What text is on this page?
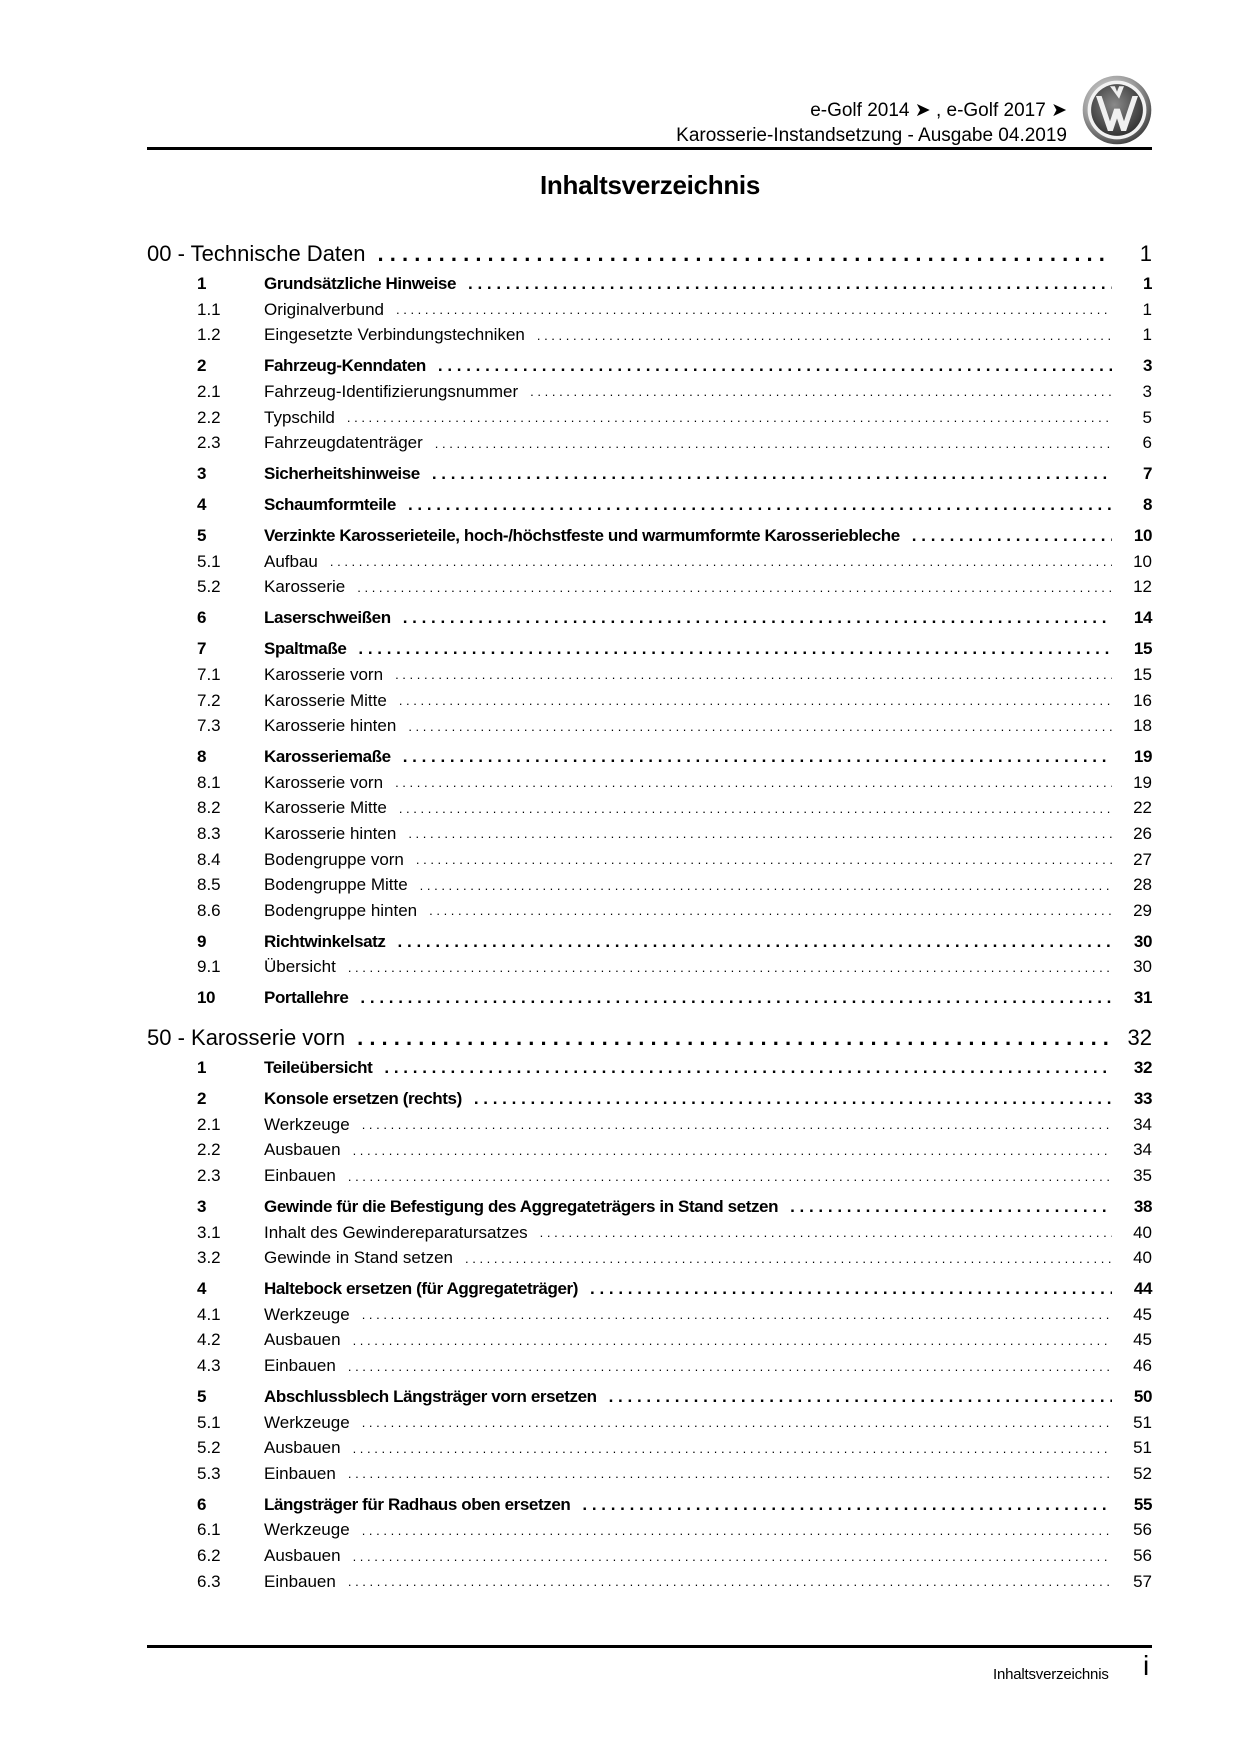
e-Golf 2014 ➤ , e-Golf 2017 ➤
Karosserie-Instandsetzung - Ausgabe 04.2019
Inhaltsverzeichnis
00 - Technische Daten . . .	1
1	Grundsätzliche Hinweise . . .	1
1.1	Originalverbund . . .	1
1.2	Eingesetzte Verbindungstechniken . . .	1
2	Fahrzeug-Kenndaten . . .	3
2.1	Fahrzeug-Identifizierungsnummer . . .	3
2.2	Typschild . . .	5
2.3	Fahrzeugdatenträger . . .	6
3	Sicherheitshinweise . . .	7
4	Schaumformteile . . .	8
5	Verzinkte Karosserieteile, hoch-/höchstfeste und warmumformte Karosseriebleche . . .	10
5.1	Aufbau . . .	10
5.2	Karosserie . . .	12
6	Laserschweißen . . .	14
7	Spaltmaße . . .	15
7.1	Karosserie vorn . . .	15
7.2	Karosserie Mitte . . .	16
7.3	Karosserie hinten . . .	18
8	Karosseriemaße . . .	19
8.1	Karosserie vorn . . .	19
8.2	Karosserie Mitte . . .	22
8.3	Karosserie hinten . . .	26
8.4	Bodengruppe vorn . . .	27
8.5	Bodengruppe Mitte . . .	28
8.6	Bodengruppe hinten . . .	29
9	Richtwinkelsatz . . .	30
9.1	Übersicht . . .	30
10	Portallehre . . .	31
50 - Karosserie vorn . . .	32
1	Teileübersicht . . .	32
2	Konsole ersetzen (rechts) . . .	33
2.1	Werkzeuge . . .	34
2.2	Ausbauen . . .	34
2.3	Einbauen . . .	35
3	Gewinde für die Befestigung des Aggregateträgers in Stand setzen . . .	38
3.1	Inhalt des Gewindereparatursatzes . . .	40
3.2	Gewinde in Stand setzen . . .	40
4	Haltebock ersetzen (für Aggregateträger) . . .	44
4.1	Werkzeuge . . .	45
4.2	Ausbauen . . .	45
4.3	Einbauen . . .	46
5	Abschlussblech Längsträger vorn ersetzen . . .	50
5.1	Werkzeuge . . .	51
5.2	Ausbauen . . .	51
5.3	Einbauen . . .	52
6	Längsträger für Radhaus oben ersetzen . . .	55
6.1	Werkzeuge . . .	56
6.2	Ausbauen . . .	56
6.3	Einbauen . . .	57
Inhaltsverzeichnis i
